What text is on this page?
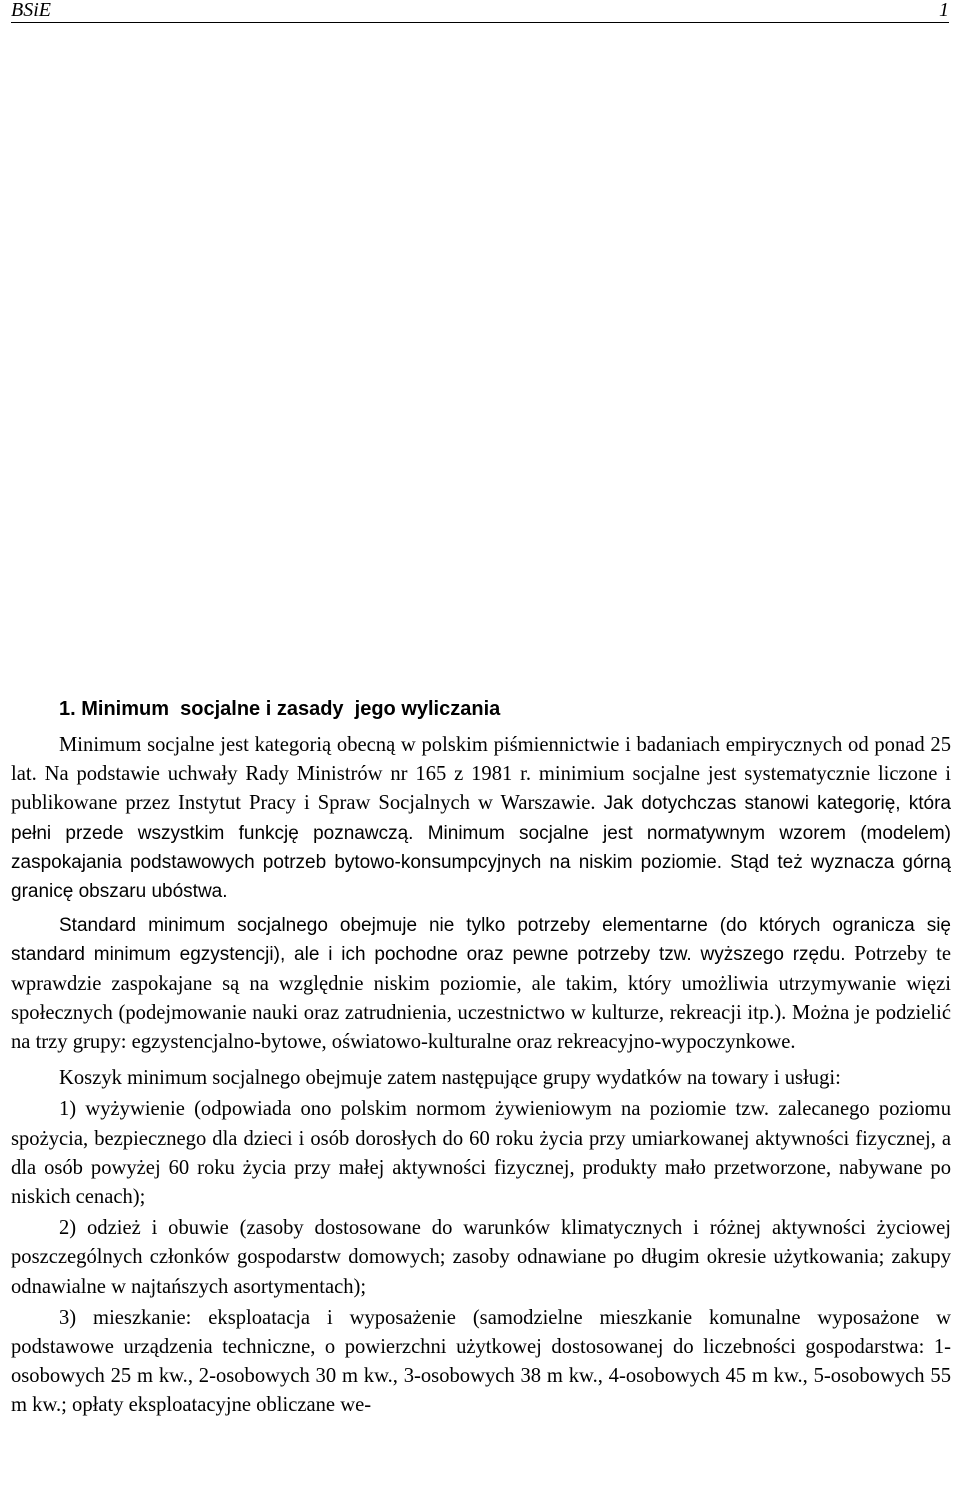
BSiE	1
1. Minimum  socjalne i zasady  jego wyliczania

Minimum socjalne jest kategorią obecną w polskim piśmiennictwie i badaniach empirycznych od ponad 25 lat. Na podstawie uchwały Rady Ministrów nr 165 z 1981 r. minimium socjalne jest systematycznie liczone i publikowane przez Instytut Pracy i Spraw Socjalnych w Warszawie. Jak dotychczas stanowi kategorię, która pełni przede wszystkim funkcję poznawczą. Minimum socjalne jest normatywnym wzorem (modelem) zaspokajania podstawowych potrzeb bytowo-konsumpcyjnych na niskim poziomie. Stąd też wyznacza górną granicę obszaru ubóstwa.

Standard minimum socjalnego obejmuje nie tylko potrzeby elementarne (do których ogranicza się standard minimum egzystencji), ale i ich pochodne oraz pewne potrzeby tzw. wyższego rzędu. Potrzeby te wprawdzie zaspokajane są na względnie niskim poziomie, ale takim, który umożliwia utrzymywanie więzi społecznych (podejmowanie nauki oraz zatrudnienia, uczestnictwo w kulturze, rekreacji itp.). Można je podzielić na trzy grupy: egzystencjalno-bytowe, oświatowo-kulturalne oraz rekreacyjno-wypoczynkowe.

Koszyk minimum socjalnego obejmuje zatem następujące grupy wydatków na towary i usługi:

1) wyżywienie (odpowiada ono polskim normom żywieniowym na poziomie tzw. zalecanego poziomu spożycia, bezpiecznego dla dzieci i osób dorosłych do 60 roku życia przy umiarkowanej aktywności fizycznej, a dla osób powyżej 60 roku życia przy małej aktywności fizycznej, produkty mało przetworzone, nabywane po niskich cenach);

2) odzież i obuwie (zasoby dostosowane do warunków klimatycznych i różnej aktywności życiowej poszczególnych członków gospodarstw domowych; zasoby odnawiane po długim okresie użytkowania; zakupy odnawialne w najtańszych asortymentach);

3) mieszkanie: eksploatacja i wyposażenie (samodzielne mieszkanie komunalne wyposażone w podstawowe urządzenia techniczne, o powierzchni użytkowej dostosowanej do liczebności gospodarstwa: 1-osobowych 25 m kw., 2-osobowych 30 m kw., 3-osobowych 38 m kw., 4-osobowych 45 m kw., 5-osobowych 55 m kw.; opłaty eksploatacyjne obliczane we-
